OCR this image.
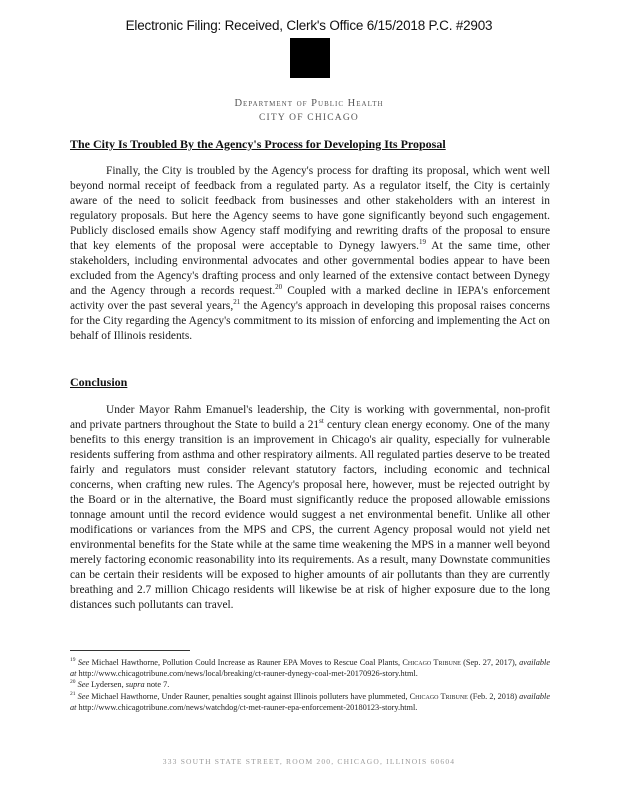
Electronic Filing: Received, Clerk's Office 6/15/2018 P.C. #2903
Department of Public Health
CITY OF CHICAGO
The City Is Troubled By the Agency's Process for Developing Its Proposal

Finally, the City is troubled by the Agency's process for drafting its proposal, which went well beyond normal receipt of feedback from a regulated party. As a regulator itself, the City is certainly aware of the need to solicit feedback from businesses and other stakeholders with an interest in regulatory proposals. But here the Agency seems to have gone significantly beyond such engagement. Publicly disclosed emails show Agency staff modifying and rewriting drafts of the proposal to ensure that key elements of the proposal were acceptable to Dynegy lawyers.$^{19}$ At the same time, other stakeholders, including environmental advocates and other governmental bodies appear to have been excluded from the Agency's drafting process and only learned of the extensive contact between Dynegy and the Agency through a records request.$^{20}$ Coupled with a marked decline in IEPA's enforcement activity over the past several years,$^{21}$ the Agency's approach in developing this proposal raises concerns for the City regarding the Agency's commitment to its mission of enforcing and implementing the Act on behalf of Illinois residents.

Conclusion

Under Mayor Rahm Emanuel's leadership, the City is working with governmental, non-profit and private partners throughout the State to build a 21st century clean energy economy. One of the many benefits to this energy transition is an improvement in Chicago's air quality, especially for vulnerable residents suffering from asthma and other respiratory ailments. All regulated parties deserve to be treated fairly and regulators must consider relevant statutory factors, including economic and technical concerns, when crafting new rules. The Agency's proposal here, however, must be rejected outright by the Board or in the alternative, the Board must significantly reduce the proposed allowable emissions tonnage amount until the record evidence would suggest a net environmental benefit. Unlike all other modifications or variances from the MPS and CPS, the current Agency proposal would not yield net environmental benefits for the State while at the same time weakening the MPS in a manner well beyond merely factoring economic reasonability into its requirements. As a result, many Downstate communities can be certain their residents will be exposed to higher amounts of air pollutants than they are currently breathing and 2.7 million Chicago residents will likewise be at risk of higher exposure due to the long distances such pollutants can travel.

$^{19}$ See Michael Hawthorne, Pollution Could Increase as Rauner EPA Moves to Rescue Coal Plants, Chicago Tribune (Sep. 27, 2017), available at http://www.chicagotribune.com/news/local/breaking/ct-rauner-dynegy-coal-met-20170926-story.html.

$^{20}$ See Lydersen, supra note 7.

$^{21}$ See Michael Hawthorne, Under Rauner, penalties sought against Illinois polluters have plummeted, Chicago Tribune (Feb. 2, 2018) available at http://www.chicagotribune.com/news/watchdog/ct-met-rauner-epa-enforcement-20180123-story.html.

333 SOUTH STATE STREET, ROOM 200, CHICAGO, ILLINOIS 60604
